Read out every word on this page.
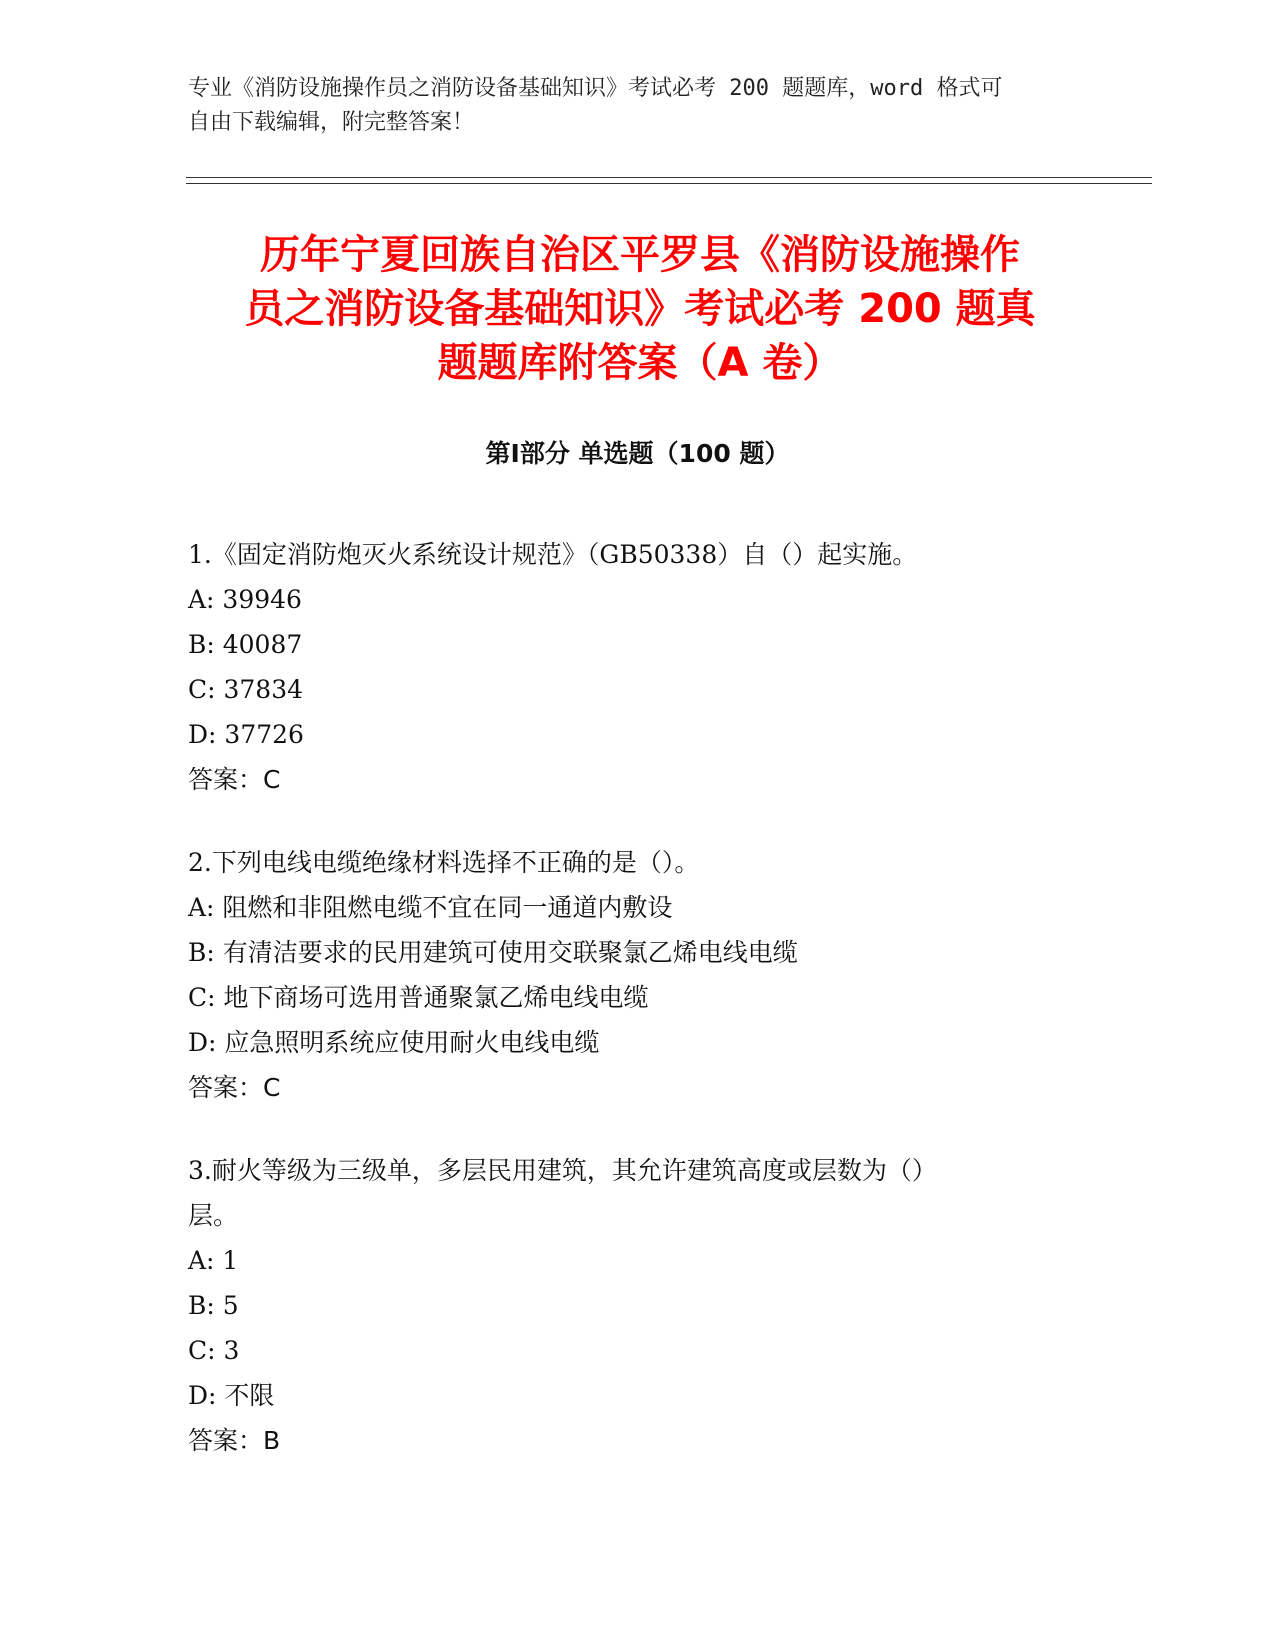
专业《消防设施操作员之消防设备基础知识》考试必考 200 题题库，word 格式可
自由下载编辑，附完整答案！
历年宁夏回族自治区平罗县《消防设施操作
员之消防设备基础知识》考试必考 200 题真
题题库附答案（A 卷）
第Ⅰ部分 单选题（100 题）

1.《固定消防炮灭火系统设计规范》（GB50338）自（）起实施。

A: 39946

B: 40087

C: 37834

D: 37726

答案：C

2.下列电线电缆绝缘材料选择不正确的是（）。

A: 阻燃和非阻燃电缆不宜在同一通道内敷设

B: 有清洁要求的民用建筑可使用交联聚氯乙烯电线电缆

C: 地下商场可选用普通聚氯乙烯电线电缆

D: 应急照明系统应使用耐火电线电缆

答案：C

3.耐火等级为三级单，多层民用建筑，其允许建筑高度或层数为（）

层。

A: 1

B: 5

C: 3

D: 不限

答案：B
